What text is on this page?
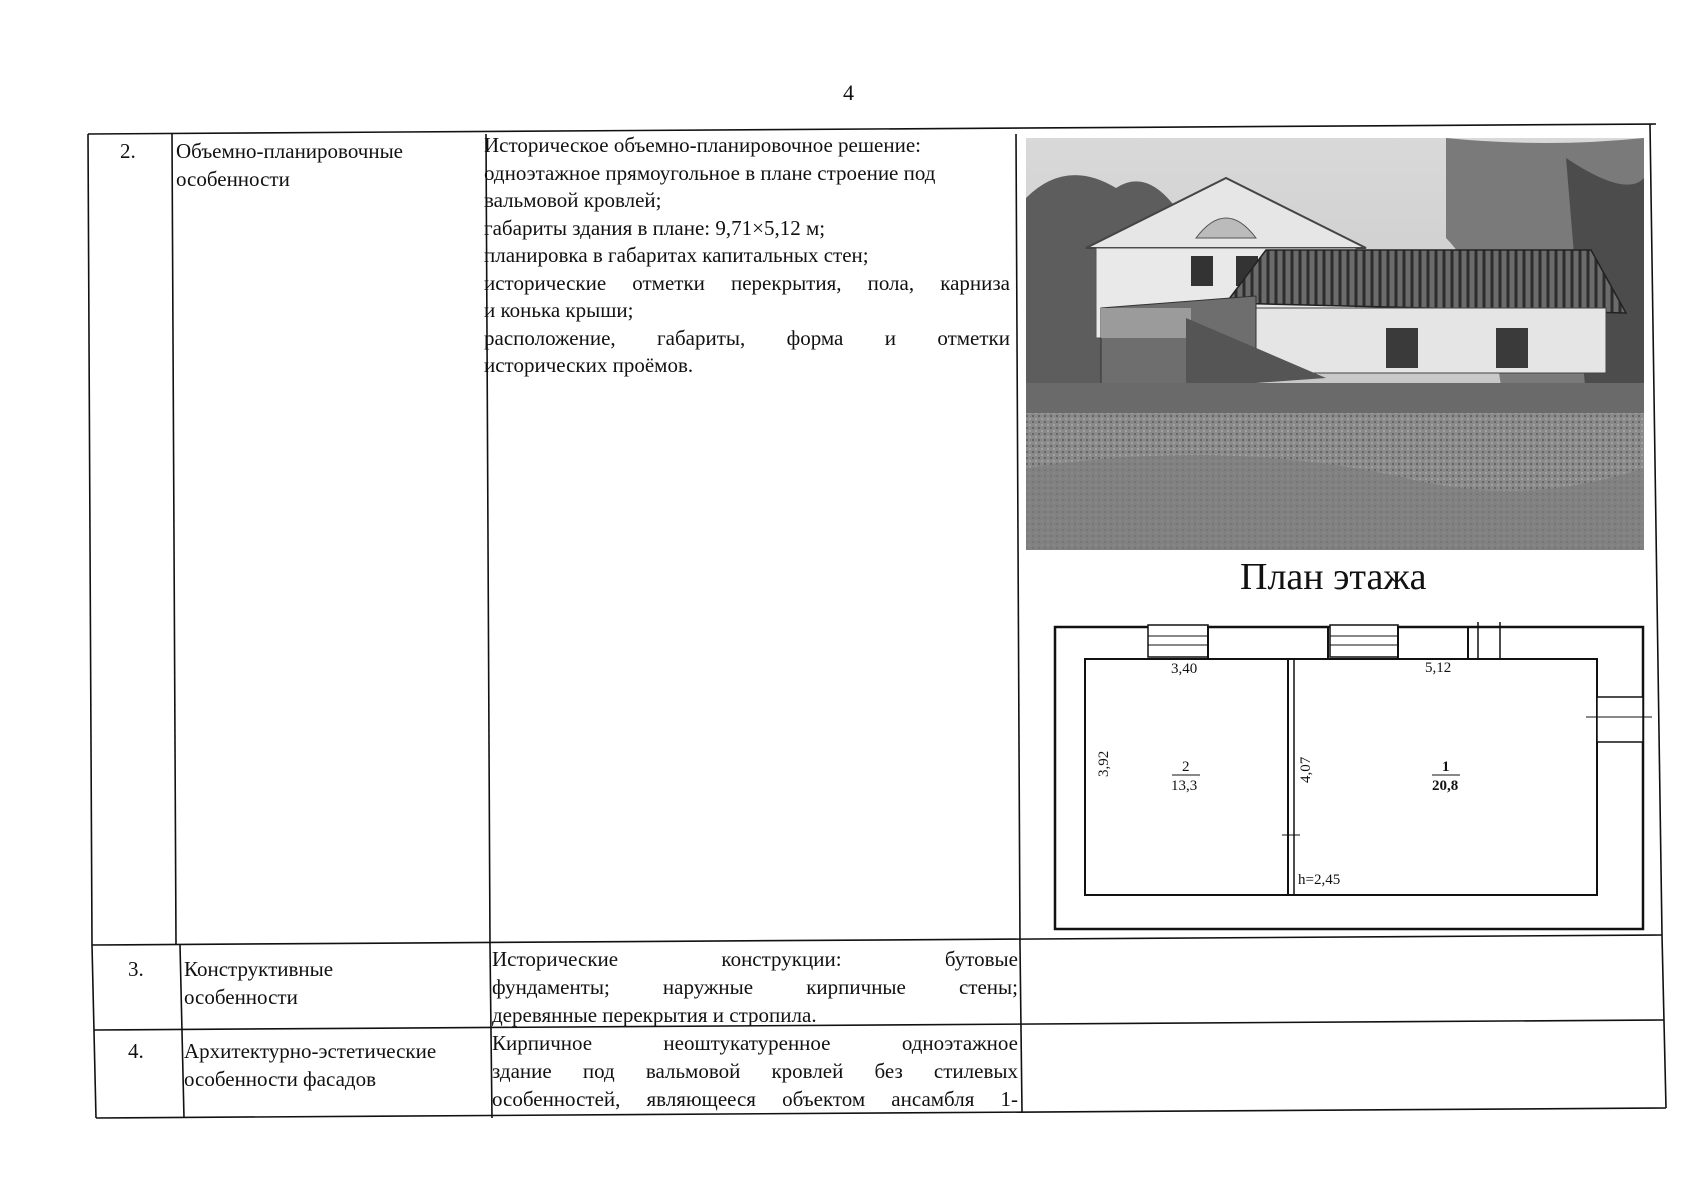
4
2. Объемно-планировочные
особенности
Историческое объемно-планировочное решение:
одноэтажное прямоугольное в плане строение под
вальмовой кровлей;
габариты здания в плане: 9,71×5,12 м;
планировка в габаритах капитальных стен;
исторические отметки перекрытия, пола, карниза
и конька крыши;
расположение, габариты, форма и отметки
исторических проёмов.
План этажа
3,40	5,12
3,92	4,07
2
13,3
1
20,8
h=2,45
3. Конструктивные
особенности
Исторические конструкции: бутовые
фундаменты; наружные кирпичные стены;
деревянные перекрытия и стропила.
4. Архитектурно-эстетические
особенности фасадов
Кирпичное неоштукатуренное одноэтажное
здание под вальмовой кровлей без стилевых
особенностей, являющееся объектом ансамбля 1-
